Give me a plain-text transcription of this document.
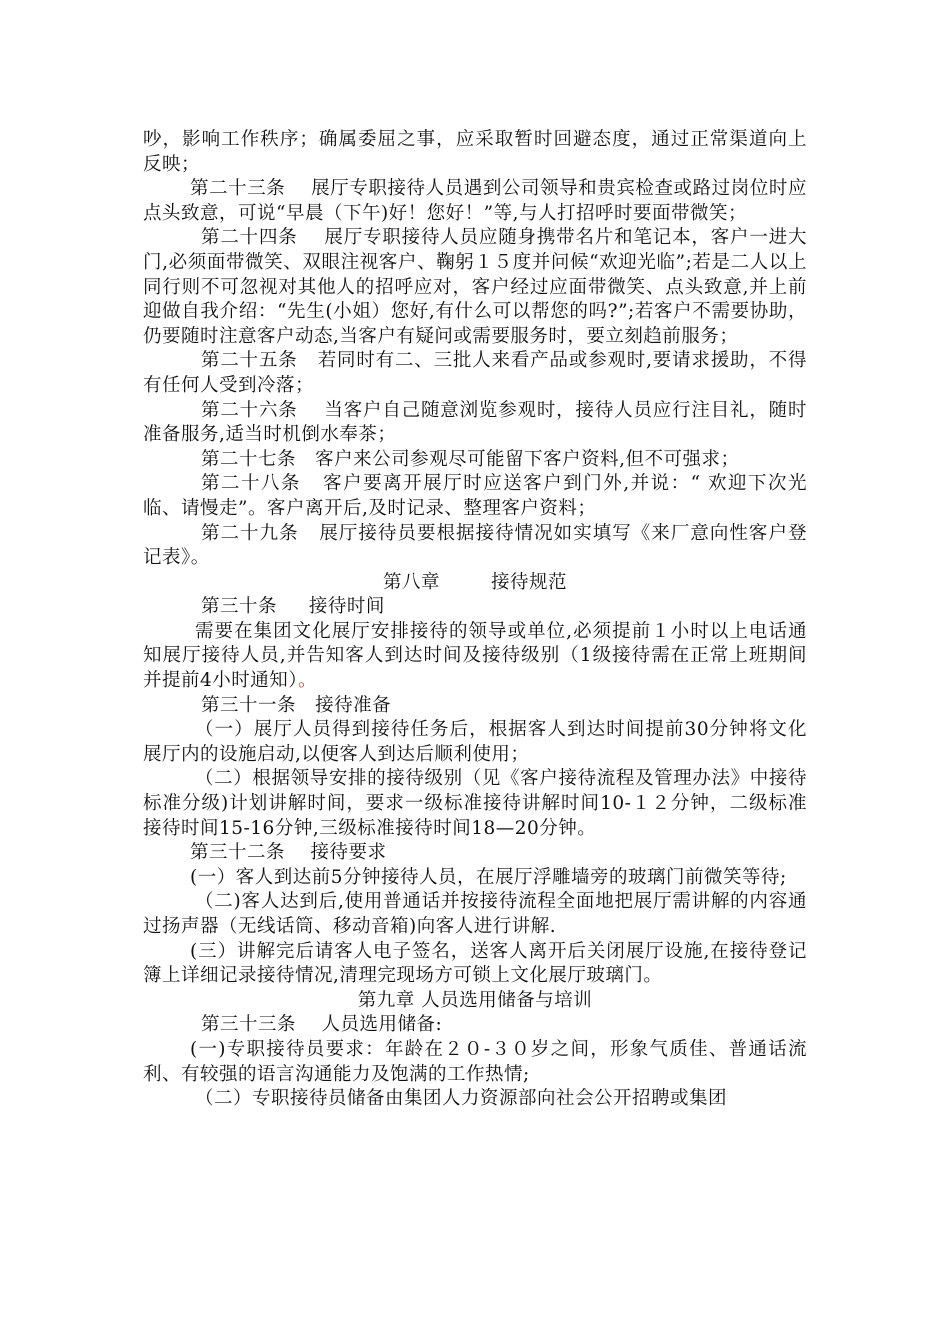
吵，影响工作秩序；确属委屈之事，应采取暂时回避态度，通过正常渠道向上反映；

第二十三条 展厅专职接待人员遇到公司领导和贵宾检查或路过岗位时应点头致意，可说“早晨（下午)好！您好！”等,与人打招呼时要面带微笑；

第二十四条 展厅专职接待人员应随身携带名片和笔记本，客户一进大门,必须面带微笑、双眼注视客户、鞠躬１５度并问候“欢迎光临”;若是二人以上同行则不可忽视对其他人的招呼应对，客户经过应面带微笑、点头致意,并上前迎做自我介绍：“先生(小姐）您好,有什么可以帮您的吗?”;若客户不需要协助，仍要随时注意客户动态,当客户有疑问或需要服务时，要立刻趋前服务；

第二十五条 若同时有二、三批人来看产品或参观时,要请求援助，不得有任何人受到冷落；

第二十六条 当客户自己随意浏览参观时，接待人员应行注目礼，随时准备服务,适当时机倒水奉茶；

第二十七条 客户来公司参观尽可能留下客户资料,但不可强求；

第二十八条 客户要离开展厅时应送客户到门外,并说：“ 欢迎下次光临、请慢走”。客户离开后,及时记录、整理客户资料；

第二十九条 展厅接待员要根据接待情况如实填写《来厂意向性客户登记表》。

第八章	接待规范

第三十条 接待时间

需要在集团文化展厅安排接待的领导或单位,必须提前１小时以上电话通知展厅接待人员,并告知客人到达时间及接待级别（1级接待需在正常上班期间并提前4小时通知）。

第三十一条 接待准备

（一）展厅人员得到接待任务后，根据客人到达时间提前30分钟将文化展厅内的设施启动,以便客人到达后顺利使用；

（二）根据领导安排的接待级别（见《客户接待流程及管理办法》中接待标准分级)计划讲解时间，要求一级标准接待讲解时间10-１２分钟，二级标准接待时间15-16分钟,三级标准接待时间18—20分钟。

第三十二条 接待要求

(一）客人到达前5分钟接待人员，在展厅浮雕墙旁的玻璃门前微笑等待;

（二)客人达到后,使用普通话并按接待流程全面地把展厅需讲解的内容通过扬声器（无线话筒、移动音箱)向客人进行讲解.

(三）讲解完后请客人电子签名，送客人离开后关闭展厅设施,在接待登记簿上详细记录接待情况,清理完现场方可锁上文化展厅玻璃门。

第九章 人员选用储备与培训

第三十三条 人员选用储备:

(一)专职接待员要求：年龄在２０-３０岁之间，形象气质佳、普通话流利、有较强的语言沟通能力及饱满的工作热情;

（二）专职接待员储备由集团人力资源部向社会公开招聘或集团
